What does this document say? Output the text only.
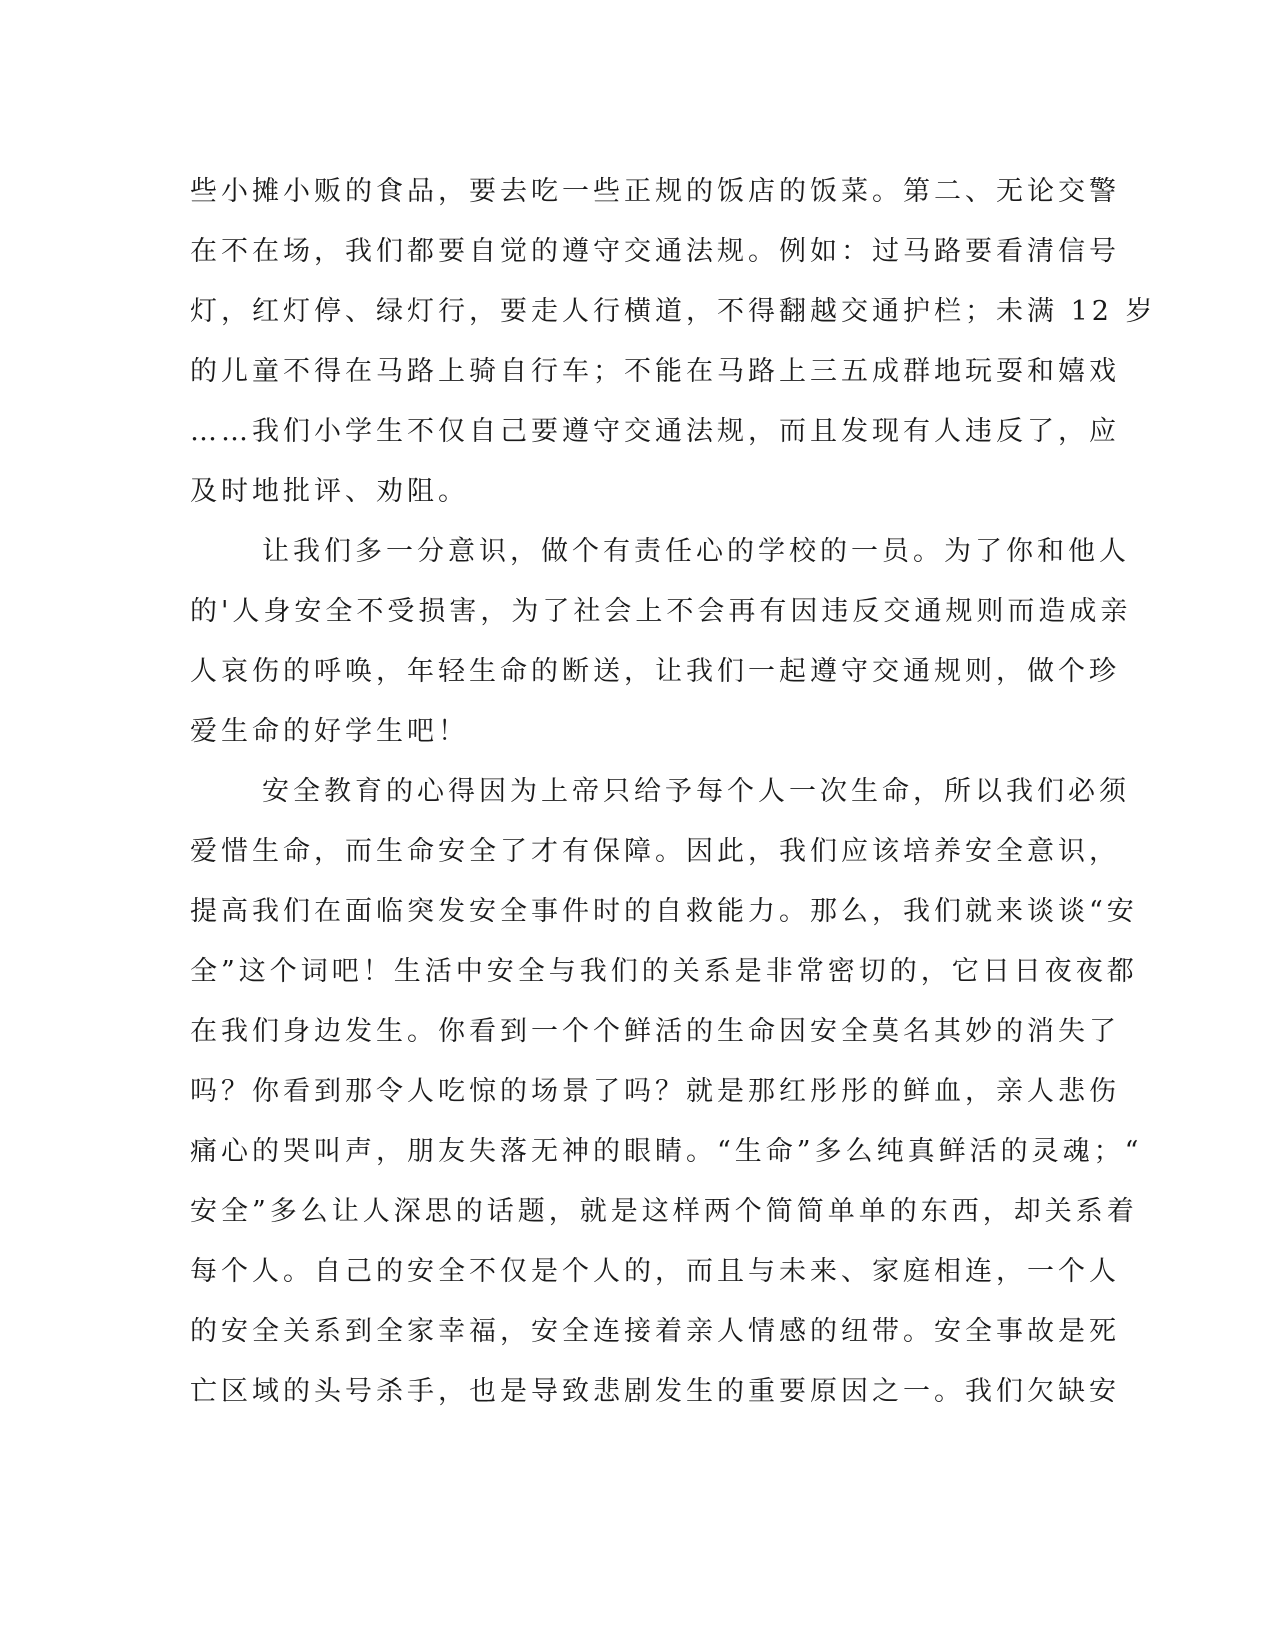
些小摊小贩的食品，要去吃一些正规的饭店的饭菜。第二、无论交警
在不在场，我们都要自觉的遵守交通法规。例如：过马路要看清信号
灯，红灯停、绿灯行，要走人行横道，不得翻越交通护栏；未满 12 岁
的儿童不得在马路上骑自行车；不能在马路上三五成群地玩耍和嬉戏
……我们小学生不仅自己要遵守交通法规，而且发现有人违反了，应
及时地批评、劝阻。
让我们多一分意识，做个有责任心的学校的一员。为了你和他人
的'人身安全不受损害，为了社会上不会再有因违反交通规则而造成亲
人哀伤的呼唤，年轻生命的断送，让我们一起遵守交通规则，做个珍
爱生命的好学生吧！
安全教育的心得因为上帝只给予每个人一次生命，所以我们必须
爱惜生命，而生命安全了才有保障。因此，我们应该培养安全意识，
提高我们在面临突发安全事件时的自救能力。那么，我们就来谈谈“安
全”这个词吧！生活中安全与我们的关系是非常密切的，它日日夜夜都
在我们身边发生。你看到一个个鲜活的生命因安全莫名其妙的消失了
吗？你看到那令人吃惊的场景了吗？就是那红彤彤的鲜血，亲人悲伤
痛心的哭叫声，朋友失落无神的眼睛。“生命”多么纯真鲜活的灵魂；“
安全”多么让人深思的话题，就是这样两个简简单单的东西，却关系着
每个人。自己的安全不仅是个人的，而且与未来、家庭相连，一个人
的安全关系到全家幸福，安全连接着亲人情感的纽带。安全事故是死
亡区域的头号杀手，也是导致悲剧发生的重要原因之一。我们欠缺安
